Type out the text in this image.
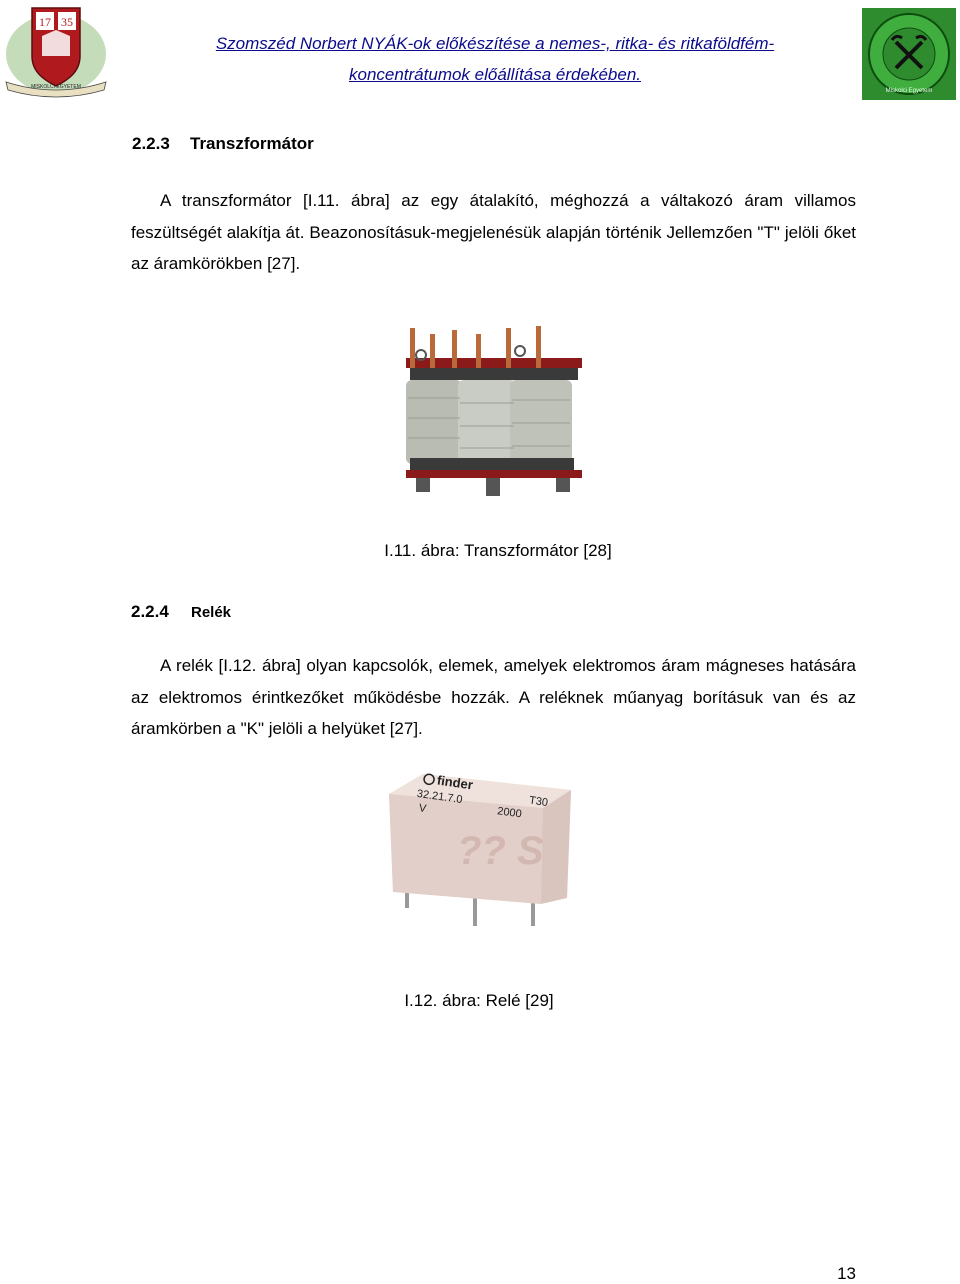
17 35
MISKOLCI EGYETEM
Szomszéd Norbert NYÁK-ok előkészítése a nemes-, ritka- és ritkaföldfém-
koncentrátumok előállítása érdekében.
Miskolci Egyetem
2.2.3 Transzformátor

A transzformátor [I.11. ábra] az egy átalakító, méghozzá a váltakozó áram villamos feszültségét alakítja át. Beazonosításuk-megjelenésük alapján történik Jellemzően "T" jelöli őket az áramkörökben [27].

I.11. ábra: Transzformátor [28]
2.2.4 Relék

A relék [I.12. ábra] olyan kapcsolók, elemek, amelyek elektromos áram mágneses hatására az elektromos érintkezőket működésbe hozzák. A reléknek műanyag borításuk van és az áramkörben a "K" jelöli a helyüket [27].

?? S
finder
T30
32.21.7.0
2000
V
I.12. ábra: Relé [29]
13
